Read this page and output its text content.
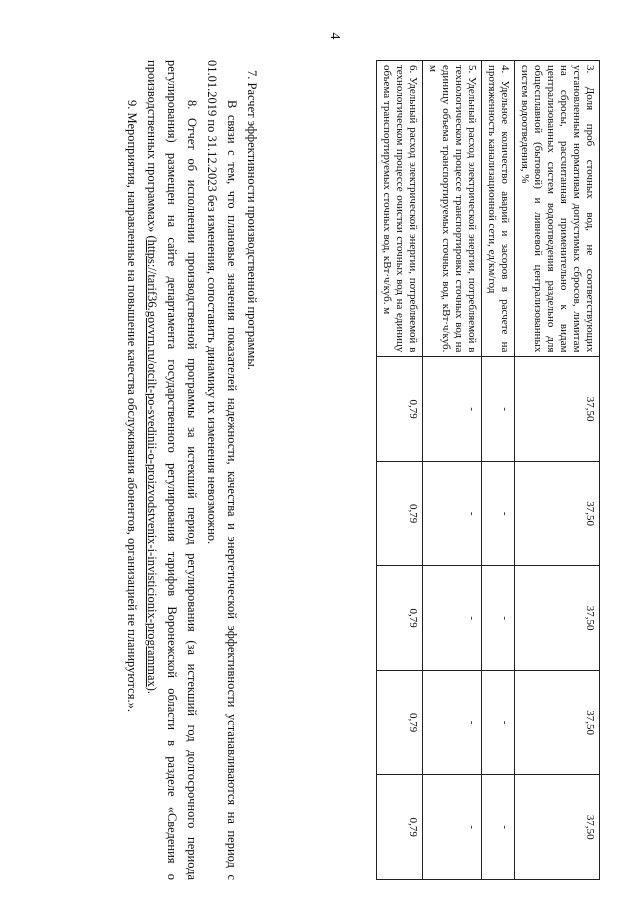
4
3. Доля проб сточных вод, не соответствующих установленным нормативам допустимых сбросов, лимитам на сбросы, рассчитанная применительно к видам централизованных систем водоотведения раздельно для общесплавной (бытовой) и ливневой централизованных систем водоотведения, %	37,50	37,50	37,50	37,50	37,50
4. Удельное количество аварий и засоров в расчете на протяженность канализационной сети, ед/км/год	-	-	-	-	-
5. Удельный расход электрической энергии, потребляемой в технологическом процессе транспортировки сточных вод на единицу объема транспортируемых сточных вод, кВт·ч/куб. м	-	-	-	-	-
6. Удельный расход электрической энергии, потребляемой в технологическом процессе очистки сточных вод на единицу объема транспортируемых сточных вод, кВт·ч/куб. м	0,79	0,79	0,79	0,79	0,79

7. Расчет эффективности производственной программы.

В связи с тем, что плановые значения показателей надежности, качества и энергетической эффективности устанавливаются на период с 01.01.2019 по 31.12.2023 без изменения, сопоставить динамику их изменения невозможно.

8. Отчет об исполнении производственной программы за истекший период регулирования (за истекший год долгосрочного периода регулирования) размещен на сайте департамента государственного регулирования тарифов Воронежской области в разделе «Сведения о производственных программах» (https://tarif36.govvrn.ru/otcilt-po-svedinii-o-proizvodstvenix-i-invisticionix-programmax).

9. Мероприятия, направленные на повышение качества обслуживания абонентов, организацией не планируются.».
